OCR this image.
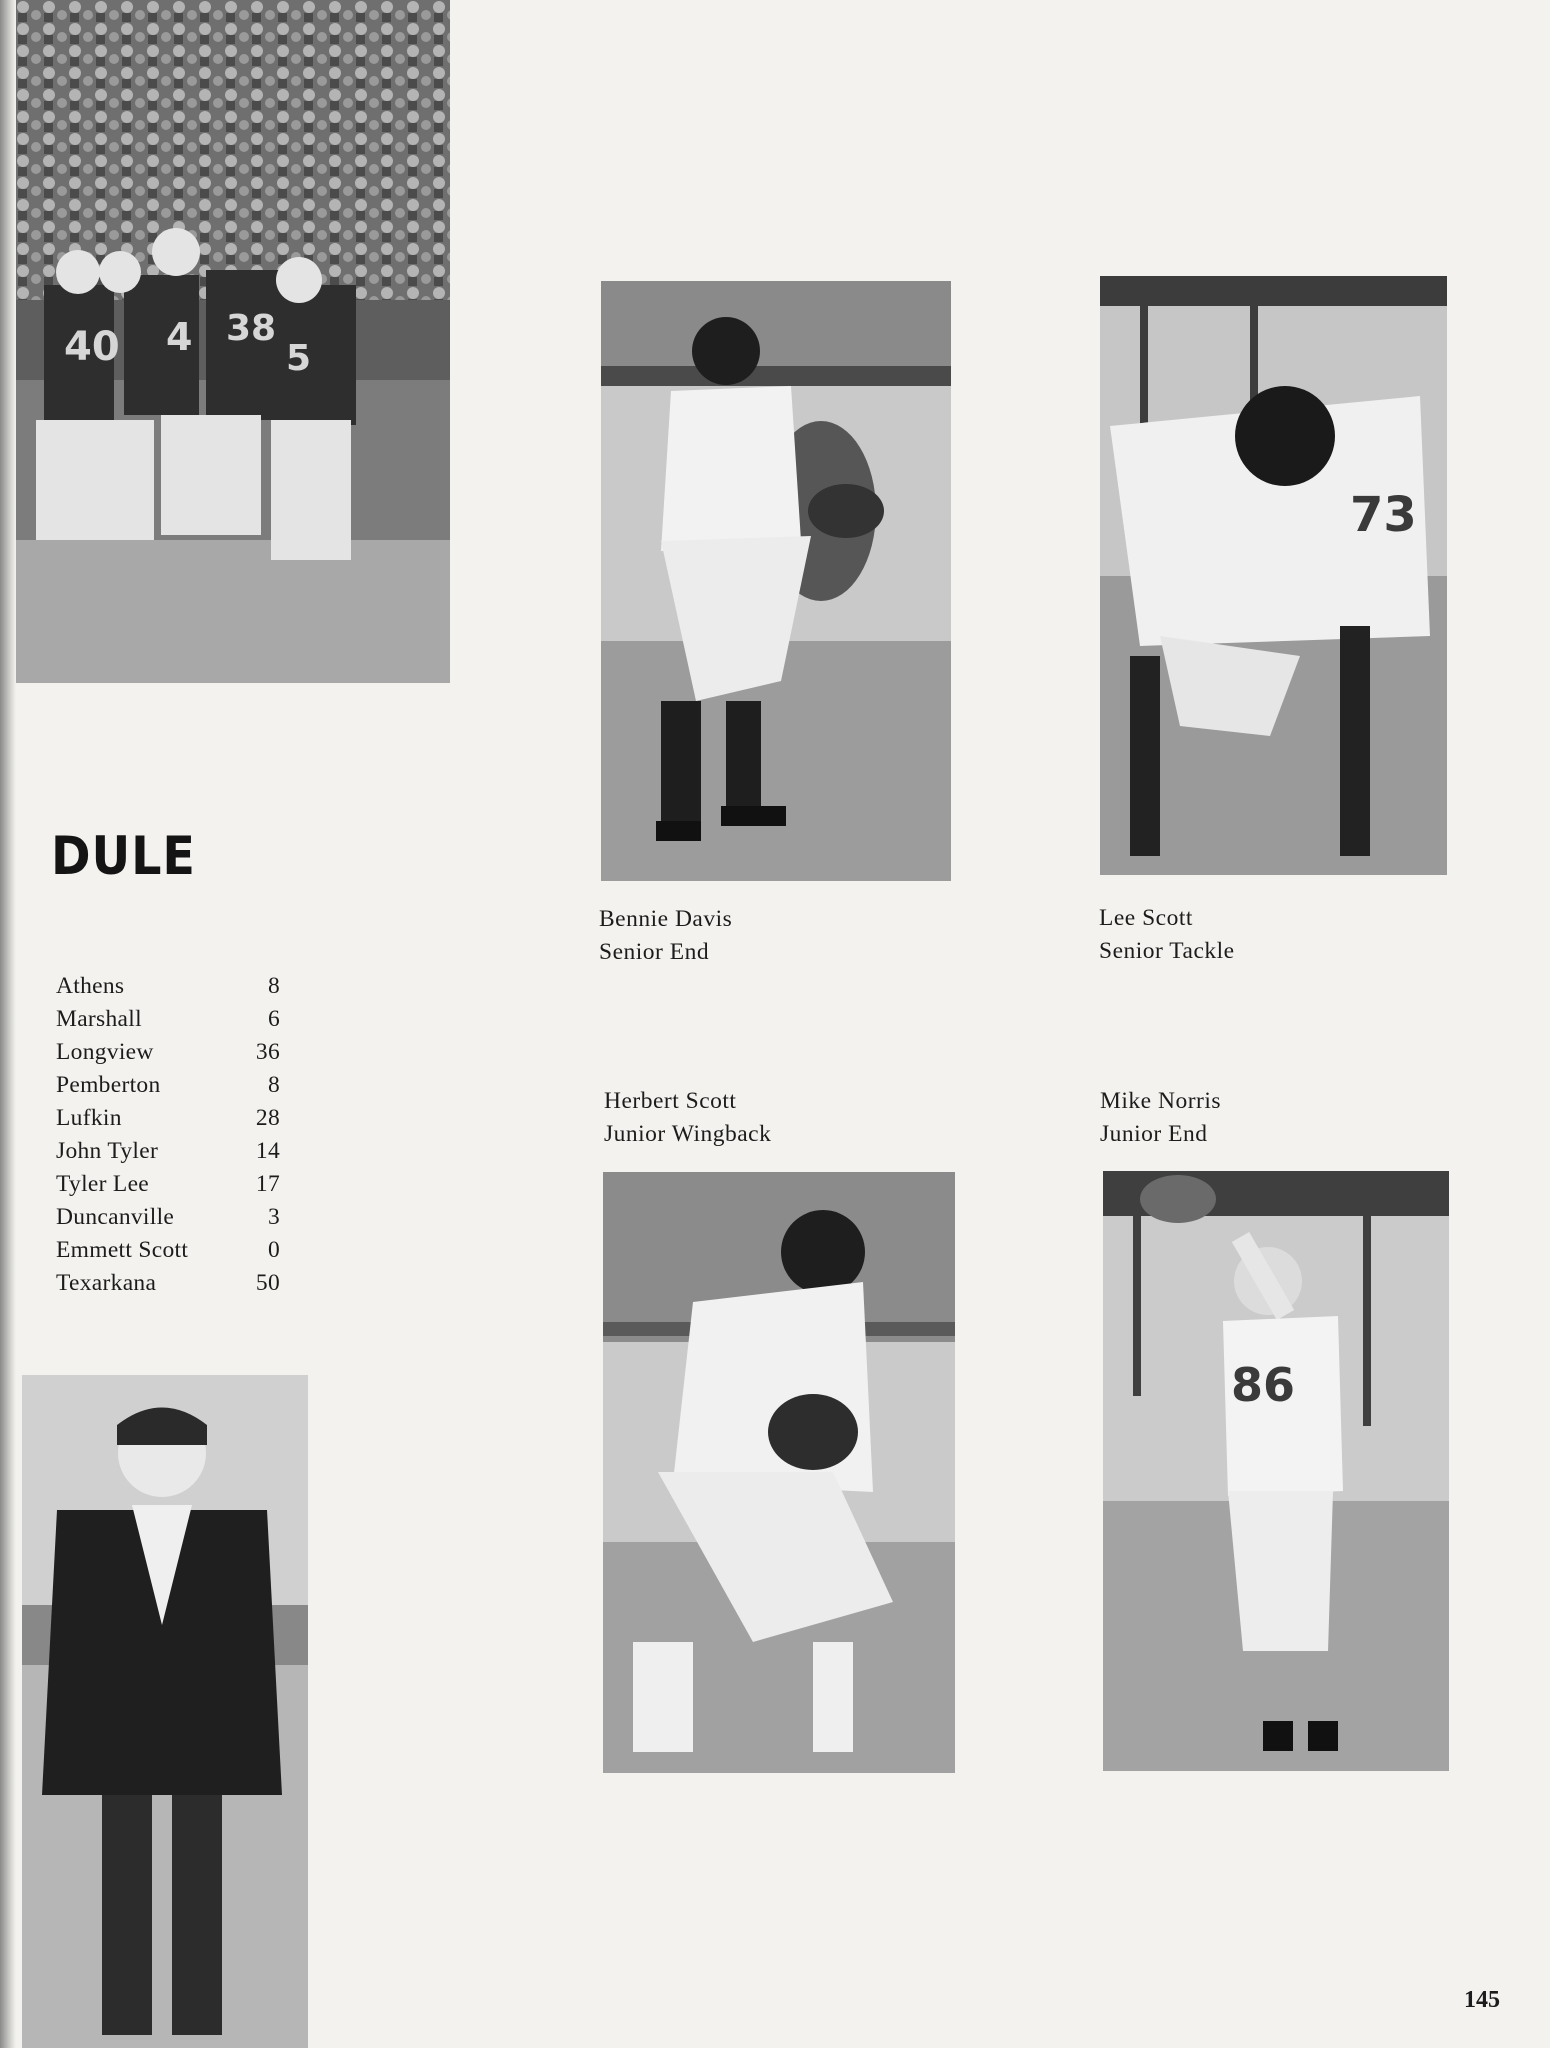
40 4 38
5
73
86
DULE
Athens	8
Marshall	6
Longview	36
Pemberton	8
Lufkin	28
John Tyler	14
Tyler Lee	17
Duncanville	3
Emmett Scott	0
Texarkana	50
Bennie Davis
Senior End
Lee Scott
Senior Tackle
Herbert Scott
Junior Wingback
Mike Norris
Junior End
145
